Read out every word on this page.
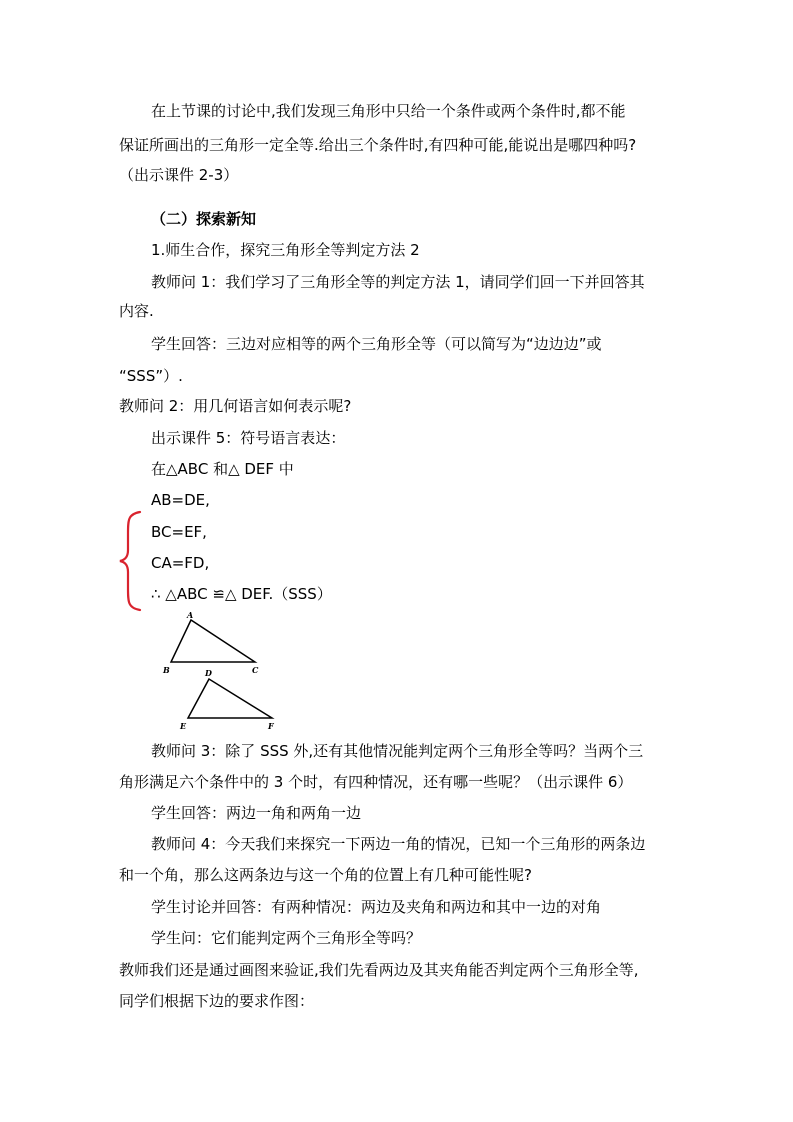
在上节课的讨论中,我们发现三角形中只给一个条件或两个条件时,都不能
保证所画出的三角形一定全等.给出三个条件时,有四种可能,能说出是哪四种吗?
（出示课件 2-3）
（二）探索新知
1.师生合作，探究三角形全等判定方法 2
教师问 1：我们学习了三角形全等的判定方法 1，请同学们回一下并回答其
内容.
学生回答：三边对应相等的两个三角形全等（可以简写为“边边边”或
“SSS”）.
教师问 2：用几何语言如何表示呢?
出示课件 5：符号语言表达：
在△ABC 和△ DEF 中
AB=DE,
BC=EF,
CA=FD,
∴ △ABC ≌△ DEF.（SSS）
A
B	C
D
E	F
教师问 3：除了 SSS 外,还有其他情况能判定两个三角形全等吗？当两个三
角形满足六个条件中的 3 个时，有四种情况，还有哪一些呢？（出示课件 6）
学生回答：两边一角和两角一边
教师问 4：今天我们来探究一下两边一角的情况，已知一个三角形的两条边
和一个角，那么这两条边与这一个角的位置上有几种可能性呢?
学生讨论并回答：有两种情况：两边及夹角和两边和其中一边的对角
学生问：它们能判定两个三角形全等吗？
教师我们还是通过画图来验证,我们先看两边及其夹角能否判定两个三角形全等,
同学们根据下边的要求作图：
